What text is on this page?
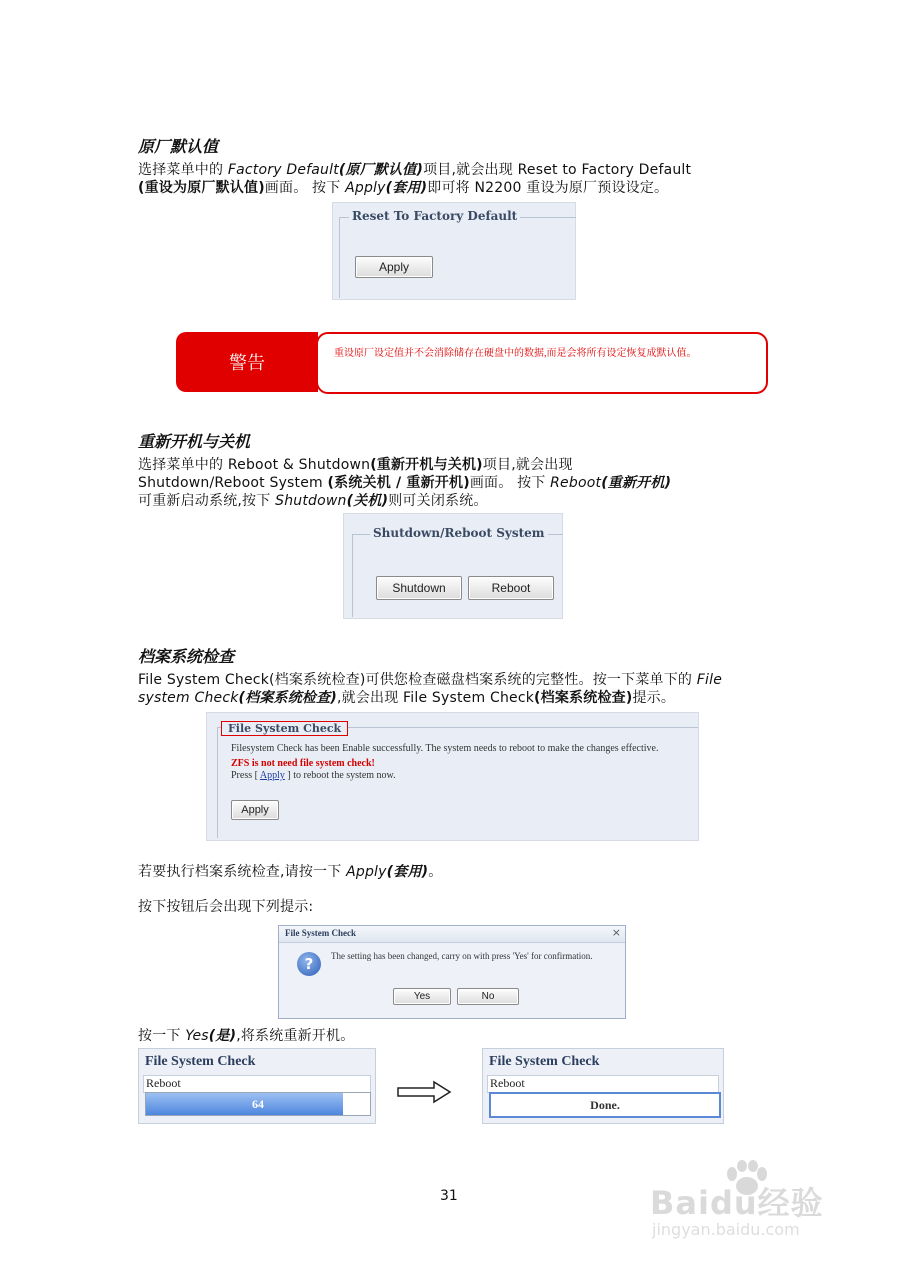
原厂默认值
选择菜单中的 Factory Default(原厂默认值)项目,就会出现 Reset to Factory Default
(重设为原厂默认值)画面。 按下 Apply(套用)即可将 N2200 重设为原厂预设设定。
Reset To Factory Default
Apply
警告	重设原厂设定值并不会消除储存在硬盘中的数据,而是会将所有设定恢复成默认值。
重新开机与关机
选择菜单中的 Reboot & Shutdown(重新开机与关机)项目,就会出现
Shutdown/Reboot System (系统关机 / 重新开机)画面。 按下 Reboot(重新开机)
可重新启动系统,按下 Shutdown(关机)则可关闭系统。
Shutdown/Reboot System
Shutdown	Reboot
档案系统检查
File System Check(档案系统检查)可供您检查磁盘档案系统的完整性。按一下菜单下的 File
system Check(档案系统检查),就会出现 File System Check(档案系统检查)提示。
File System Check
Filesystem Check has been Enable successfully. The system needs to reboot to make the changes effective.
ZFS is not need file system check!
Press [ Apply ] to reboot the system now.
Apply
若要执行档案系统检查,请按一下 Apply(套用)。
按下按钮后会出现下列提示:
File System Check	×
?	The setting has been changed, carry on with press 'Yes' for confirmation.
Yes	No
按一下 Yes(是),将系统重新开机。
File System Check
Reboot
64
File System Check
Reboot
Done.
31	Baidu经验
jingyan.baidu.com
